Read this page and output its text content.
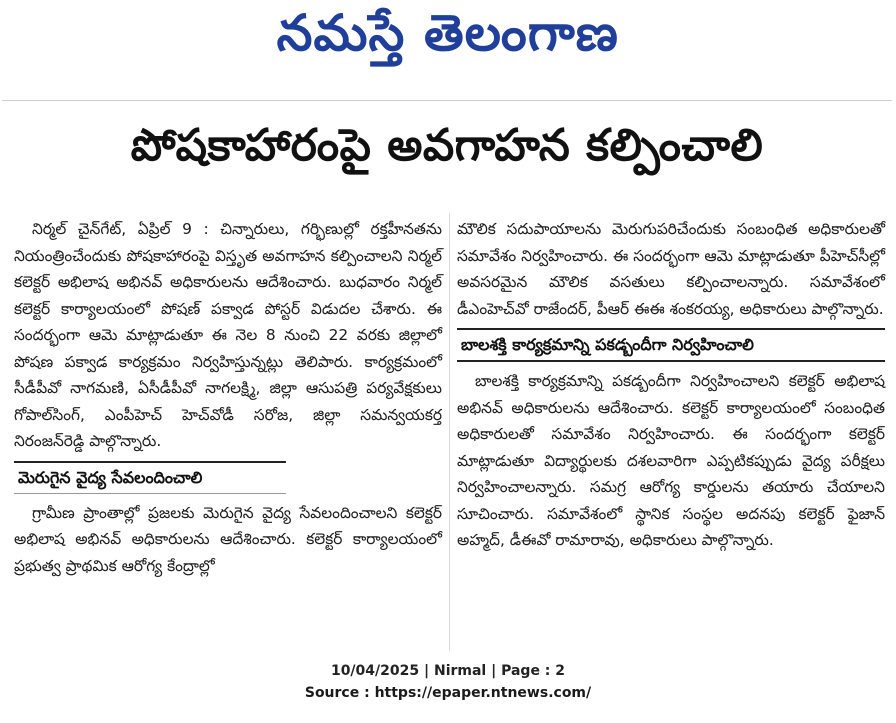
నమస్తే తెలంగాణ
పోషకాహారంపై అవగాహన కల్పించాలి

నిర్మల్ చైన్‌గేట్, ఏప్రిల్ 9 : చిన్నారులు, గర్భిణుల్లో రక్తహీనతను నియంత్రించేందుకు పోషకాహారంపై విస్తృత అవగాహన కల్పించాలని నిర్మల్ కలెక్టర్ అభిలాష అభినవ్ అధికారులను ఆదేశించారు. బుధవారం నిర్మల్ కలెక్టర్ కార్యాలయంలో పోషణ్ పక్వాడ పోస్టర్ విడుదల చేశారు. ఈ సందర్భంగా ఆమె మాట్లాడుతూ ఈ నెల 8 నుంచి 22 వరకు జిల్లాలో పోషణ పక్వాడ కార్యక్రమం నిర్వహిస్తున్నట్లు తెలిపారు. కార్యక్రమంలో సీడీపీవో నాగమణి, ఏసీడీపీవో నాగలక్ష్మి, జిల్లా ఆసుపత్రి పర్యవేక్షకులు గోపాల్‌సింగ్, ఎంపీహెచ్ హెచ్‌వోడీ సరోజ, జిల్లా సమన్వయకర్త నిరంజన్‌రెడ్డి పాల్గొన్నారు.

మెరుగైన వైద్య సేవలందించాలి

గ్రామీణ ప్రాంతాల్లో ప్రజలకు మెరుగైన వైద్య సేవలందించాలని కలెక్టర్ అభిలాష అభినవ్ అధికారులను ఆదేశించారు. కలెక్టర్ కార్యాలయంలో ప్రభుత్వ ప్రాథమిక ఆరోగ్య కేంద్రాల్లో

మౌలిక సదుపాయాలను మెరుగుపరిచేందుకు సంబంధిత అధికారులతో సమావేశం నిర్వహించారు. ఈ సందర్భంగా ఆమె మాట్లాడుతూ పీహెచ్‌సీల్లో అవసరమైన మౌలిక వసతులు కల్పించాలన్నారు. సమావేశంలో డీఎంహెచ్‌వో రాజేందర్, పీఆర్ ఈఈ శంకరయ్య, అధికారులు పాల్గొన్నారు.

బాలశక్తి కార్యక్రమాన్ని పకడ్బందీగా నిర్వహించాలి

బాలశక్తి కార్యక్రమాన్ని పకడ్బందీగా నిర్వహించాలని కలెక్టర్ అభిలాష అభినవ్ అధికారులను ఆదేశించారు. కలెక్టర్ కార్యాలయంలో సంబంధిత అధికారులతో సమావేశం నిర్వహించారు. ఈ సందర్భంగా కలెక్టర్ మాట్లాడుతూ విద్యార్థులకు దశలవారిగా ఎప్పటికప్పుడు వైద్య పరీక్షలు నిర్వహించాలన్నారు. సమగ్ర ఆరోగ్య కార్డులను తయారు చేయాలని సూచించారు. సమావేశంలో స్థానిక సంస్థల అదనపు కలెక్టర్ ఫైజాన్ అహ్మద్, డీఈవో రామారావు, అధికారులు పాల్గొన్నారు.

10/04/2025 | Nirmal | Page : 2
Source : https://epaper.ntnews.com/
